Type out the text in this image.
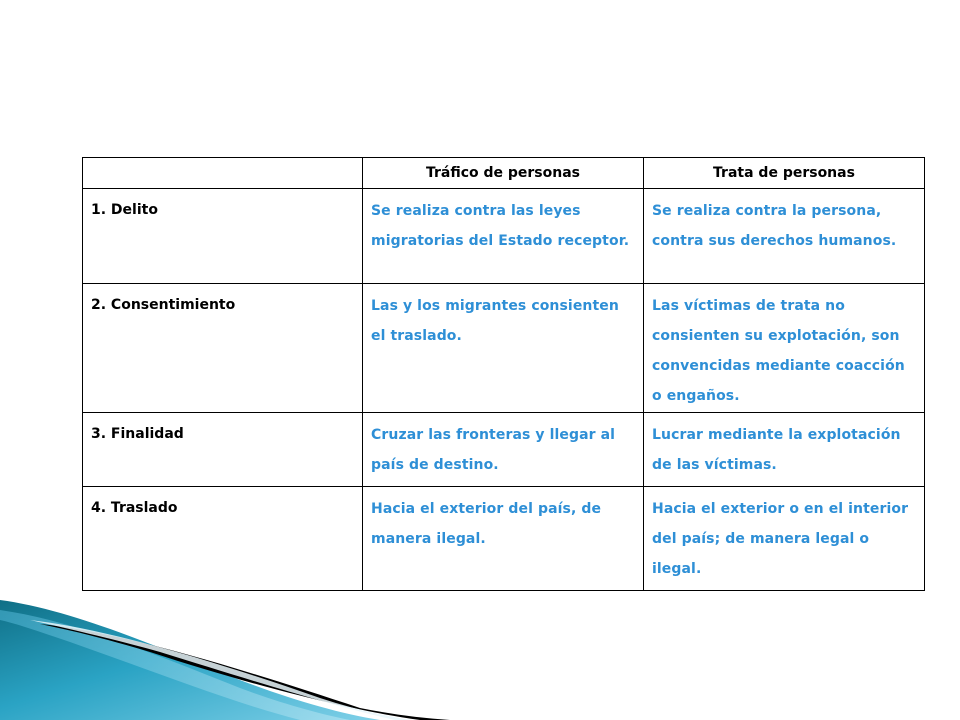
	Tráfico de personas	Trata de personas
1. Delito	Se realiza contra las leyes migratorias del Estado receptor.	Se realiza contra la persona, contra sus derechos humanos.
2. Consentimiento	Las y los migrantes consienten el traslado.	Las víctimas de trata no consienten su explotación, son convencidas mediante coacción o engaños.
3. Finalidad	Cruzar las fronteras y llegar al país de destino.	Lucrar mediante la explotación de las víctimas.
4. Traslado	Hacia el exterior del país, de manera ilegal.	Hacia el exterior o en el interior del país; de manera legal o ilegal.
